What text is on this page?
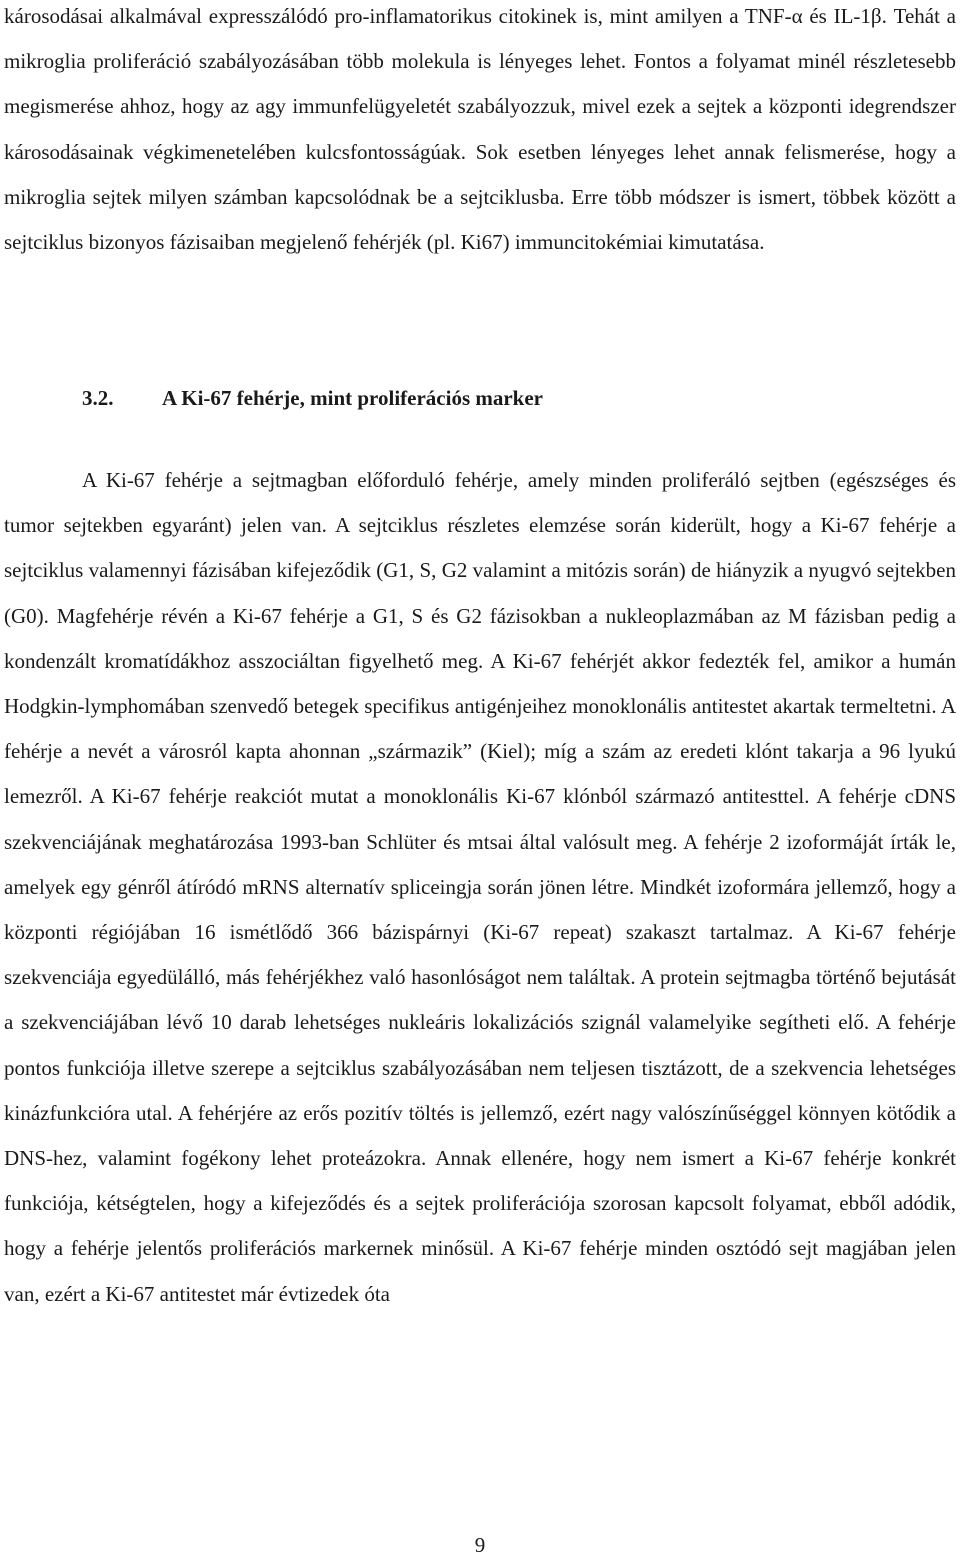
károsodásai alkalmával expresszálódó pro-inflamatorikus citokinek is, mint amilyen a TNF-α és IL-1β. Tehát a mikroglia proliferáció szabályozásában több molekula is lényeges lehet. Fontos a folyamat minél részletesebb megismerése ahhoz, hogy az agy immunfelügyeletét szabályozzuk, mivel ezek a sejtek a központi idegrendszer károsodásainak végkimenetelében kulcsfontosságúak. Sok esetben lényeges lehet annak felismerése, hogy a mikroglia sejtek milyen számban kapcsolódnak be a sejtciklusba. Erre több módszer is ismert, többek között a sejtciklus bizonyos fázisaiban megjelenő fehérjék (pl. Ki67) immuncitokémiai kimutatása.

3.2. A Ki-67 fehérje, mint proliferációs marker

A Ki-67 fehérje a sejtmagban előforduló fehérje, amely minden proliferáló sejtben (egészséges és tumor sejtekben egyaránt) jelen van. A sejtciklus részletes elemzése során kiderült, hogy a Ki-67 fehérje a sejtciklus valamennyi fázisában kifejeződik (G1, S, G2 valamint a mitózis során) de hiányzik a nyugvó sejtekben (G0). Magfehérje révén a Ki-67 fehérje a G1, S és G2 fázisokban a nukleoplazmában az M fázisban pedig a kondenzált kromatídákhoz asszociáltan figyelhető meg. A Ki-67 fehérjét akkor fedezték fel, amikor a humán Hodgkin-lymphomában szenvedő betegek specifikus antigénjeihez monoklonális antitestet akartak termeltetni. A fehérje a nevét a városról kapta ahonnan „származik” (Kiel); míg a szám az eredeti klónt takarja a 96 lyukú lemezről. A Ki-67 fehérje reakciót mutat a monoklonális Ki-67 klónból származó antitesttel. A fehérje cDNS szekvenciájának meghatározása 1993-ban Schlüter és mtsai által valósult meg. A fehérje 2 izoformáját írták le, amelyek egy génről átíródó mRNS alternatív spliceingja során jönen létre. Mindkét izoformára jellemző, hogy a központi régiójában 16 ismétlődő 366 bázispárnyi (Ki-67 repeat) szakaszt tartalmaz. A Ki-67 fehérje szekvenciája egyedülálló, más fehérjékhez való hasonlóságot nem találtak. A protein sejtmagba történő bejutását a szekvenciájában lévő 10 darab lehetséges nukleáris lokalizációs szignál valamelyike segítheti elő. A fehérje pontos funkciója illetve szerepe a sejtciklus szabályozásában nem teljesen tisztázott, de a szekvencia lehetséges kinázfunkcióra utal. A fehérjére az erős pozitív töltés is jellemző, ezért nagy valószínűséggel könnyen kötődik a DNS-hez, valamint fogékony lehet proteázokra. Annak ellenére, hogy nem ismert a Ki-67 fehérje konkrét funkciója, kétségtelen, hogy a kifejeződés és a sejtek proliferációja szorosan kapcsolt folyamat, ebből adódik, hogy a fehérje jelentős proliferációs markernek minősül. A Ki-67 fehérje minden osztódó sejt magjában jelen van, ezért a Ki-67 antitestet már évtizedek óta

9
